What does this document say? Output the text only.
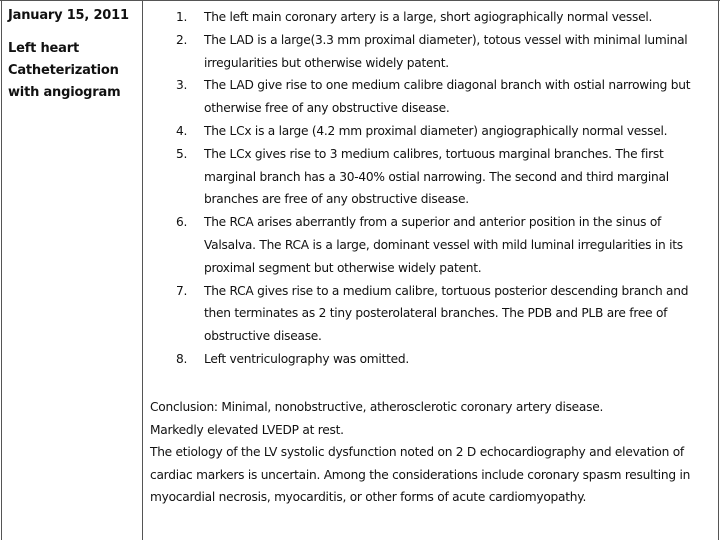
January 15, 2011
Left heart
Catheterization
with angiogram
1.	The left main coronary artery is a large, short agiographically normal vessel.
2.	The LAD is a large(3.3 mm proximal diameter), totous vessel with minimal luminal
irregularities but otherwise widely patent.
3.	The LAD give rise to one medium calibre diagonal branch with ostial narrowing but
otherwise free of any obstructive disease.
4.	The LCx is a large (4.2 mm proximal diameter) angiographically normal vessel.
5.	The LCx gives rise to 3 medium calibres, tortuous marginal branches. The first
marginal branch has a 30-40% ostial narrowing. The second and third marginal
branches are free of any obstructive disease.
6.	The RCA arises aberrantly from a superior and anterior position in the sinus of
Valsalva. The RCA is a large, dominant vessel with mild luminal irregularities in its
proximal segment but otherwise widely patent.
7.	The RCA gives rise to a medium calibre, tortuous posterior descending branch and
then terminates as 2 tiny posterolateral branches. The PDB and PLB are free of
obstructive disease.
8.	Left ventriculography was omitted.
Conclusion: Minimal, nonobstructive, atherosclerotic coronary artery disease.
Markedly elevated LVEDP at rest.
The etiology of the LV systolic dysfunction noted on 2 D echocardiography and elevation of
cardiac markers is uncertain. Among the considerations include coronary spasm resulting in
myocardial necrosis, myocarditis, or other forms of acute cardiomyopathy.
